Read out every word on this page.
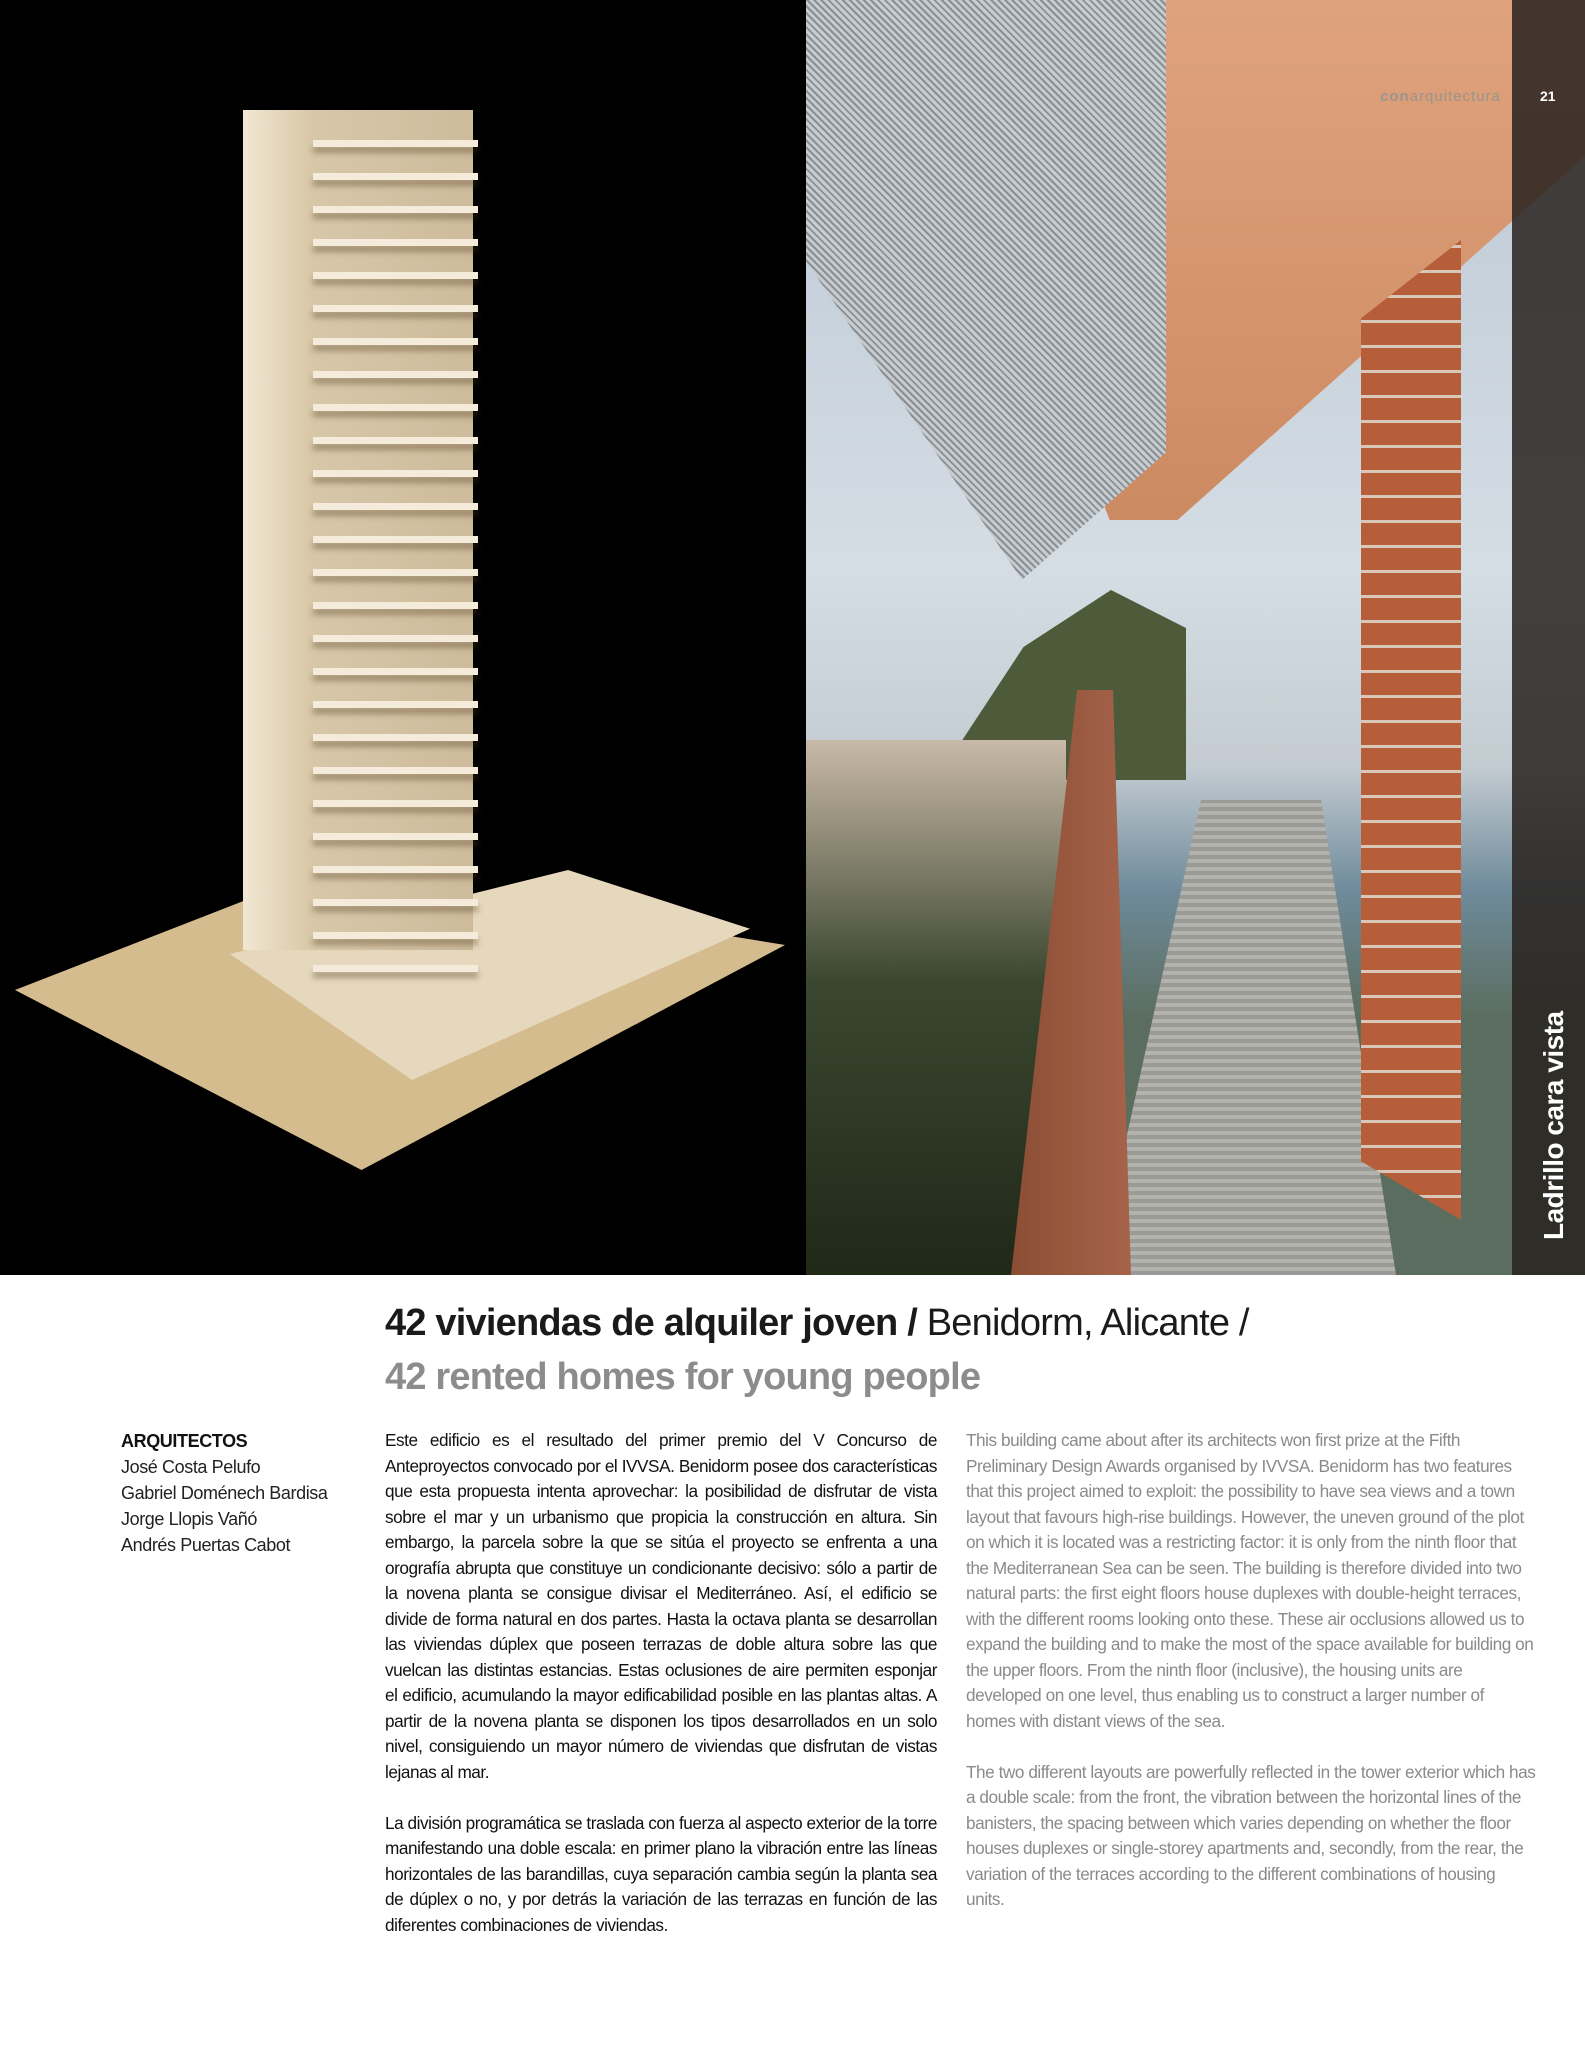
conarquitectura	21
Ladrillo cara vista
42 viviendas de alquiler joven / Benidorm, Alicante /
42 rented homes for young people
ARQUITECTOS
José Costa Pelufo
Gabriel Doménech Bardisa
Jorge Llopis Vañó
Andrés Puertas Cabot

Este edificio es el resultado del primer premio del V Concurso de Anteproyectos convocado por el IVVSA. Benidorm posee dos características que esta propuesta intenta aprovechar: la posibilidad de disfrutar de vista sobre el mar y un urbanismo que propicia la construcción en altura. Sin embargo, la parcela sobre la que se sitúa el proyecto se enfrenta a una orografía abrupta que constituye un condicionante decisivo: sólo a partir de la novena planta se consigue divisar el Mediterráneo. Así, el edificio se divide de forma natural en dos partes. Hasta la octava planta se desarrollan las viviendas dúplex que poseen terrazas de doble altura sobre las que vuelcan las distintas estancias. Estas oclusiones de aire permiten esponjar el edificio, acumulando la mayor edificabilidad posible en las plantas altas. A partir de la novena planta se disponen los tipos desarrollados en un solo nivel, consiguiendo un mayor número de viviendas que disfrutan de vistas lejanas al mar.

La división programática se traslada con fuerza al aspecto exterior de la torre manifestando una doble escala: en primer plano la vibración entre las líneas horizontales de las barandillas, cuya separación cambia según la planta sea de dúplex o no, y por detrás la variación de las terrazas en función de las diferentes combinaciones de viviendas.

This building came about after its architects won first prize at the Fifth Preliminary Design Awards organised by IVVSA. Benidorm has two features that this project aimed to exploit: the possibility to have sea views and a town layout that favours high-rise buildings. However, the uneven ground of the plot on which it is located was a restricting factor: it is only from the ninth floor that the Mediterranean Sea can be seen. The building is therefore divided into two natural parts: the first eight floors house duplexes with double-height terraces, with the different rooms looking onto these. These air occlusions allowed us to expand the building and to make the most of the space available for building on the upper floors. From the ninth floor (inclusive), the housing units are developed on one level, thus enabling us to construct a larger number of homes with distant views of the sea.

The two different layouts are powerfully reflected in the tower exterior which has a double scale: from the front, the vibration between the horizontal lines of the banisters, the spacing between which varies depending on whether the floor houses duplexes or single-storey apartments and, secondly, from the rear, the variation of the terraces according to the different combinations of housing units.
